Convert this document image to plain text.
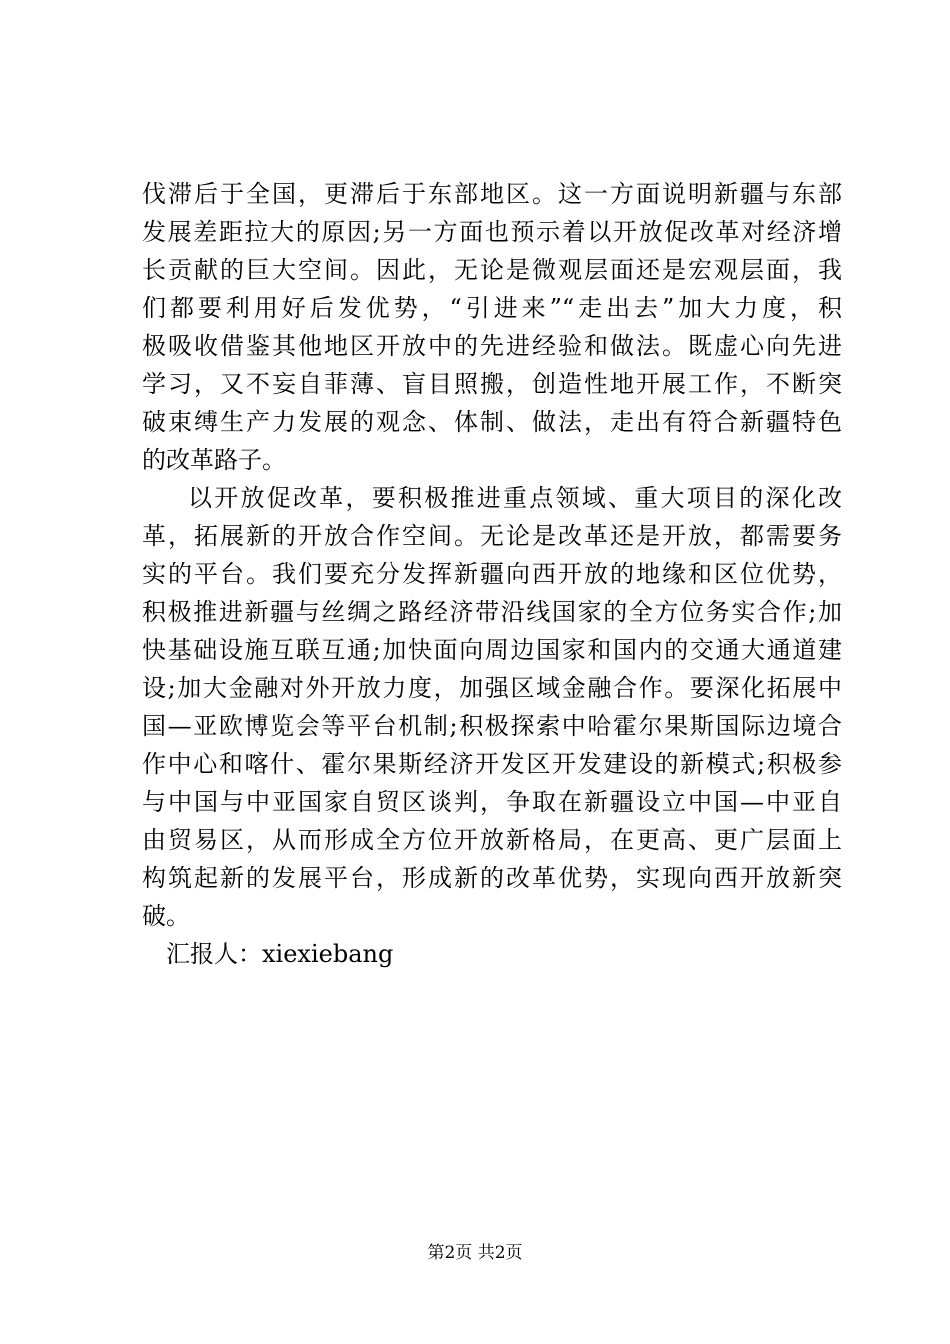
伐滞后于全国，更滞后于东部地区。这一方面说明新疆与东部
发展差距拉大的原因;另一方面也预示着以开放促改革对经济增
长贡献的巨大空间。因此，无论是微观层面还是宏观层面，我
们都要利用好后发优势，“引进来”“走出去”加大力度，积
极吸收借鉴其他地区开放中的先进经验和做法。既虚心向先进
学习，又不妄自菲薄、盲目照搬，创造性地开展工作，不断突
破束缚生产力发展的观念、体制、做法，走出有符合新疆特色
的改革路子。
以开放促改革，要积极推进重点领域、重大项目的深化改
革，拓展新的开放合作空间。无论是改革还是开放，都需要务
实的平台。我们要充分发挥新疆向西开放的地缘和区位优势，
积极推进新疆与丝绸之路经济带沿线国家的全方位务实合作;加
快基础设施互联互通;加快面向周边国家和国内的交通大通道建
设;加大金融对外开放力度，加强区域金融合作。要深化拓展中
国—亚欧博览会等平台机制;积极探索中哈霍尔果斯国际边境合
作中心和喀什、霍尔果斯经济开发区开发建设的新模式;积极参
与中国与中亚国家自贸区谈判，争取在新疆设立中国—中亚自
由贸易区，从而形成全方位开放新格局，在更高、更广层面上
构筑起新的发展平台，形成新的改革优势，实现向西开放新突
破。
汇报人：xiexiebang
第2页 共2页
